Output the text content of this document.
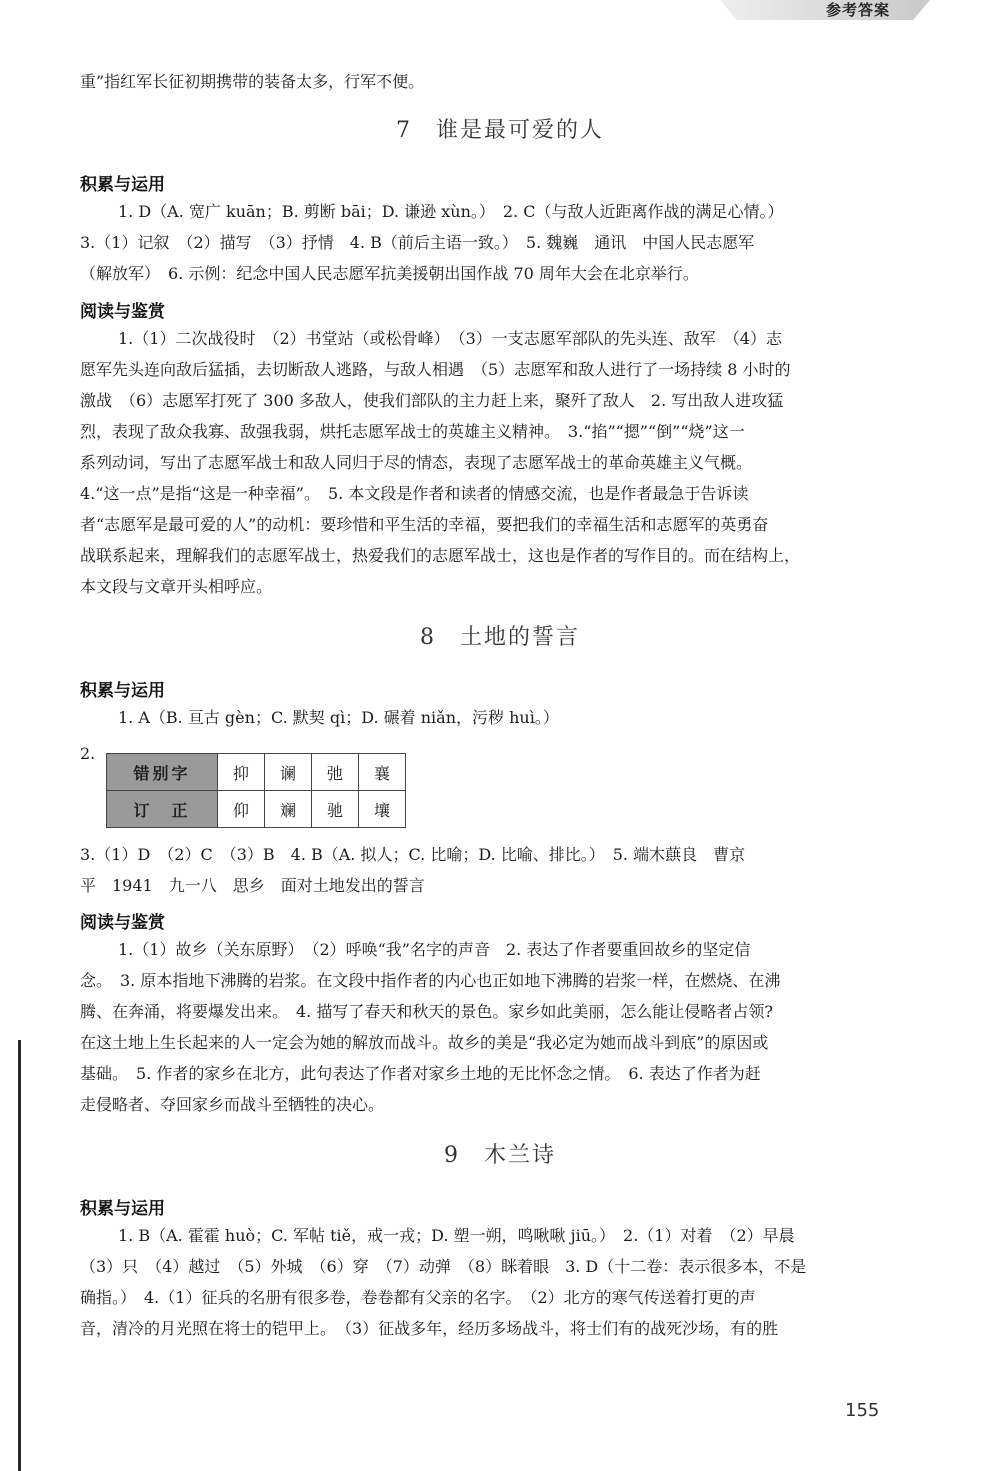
参考答案
2.
错别字	抑	谰	弛	襄
订　正	仰	斓	驰	壤
重”指红军长征初期携带的装备太多，行军不便。
1. D（A. 宽广 kuān；B. 剪断 bāi；D. 谦逊 xùn。）　2. C（与敌人近距离作战的满足心情。）
3.（1）记叙　（2）描写　（3）抒情　4. B（前后主语一致。）　5. 魏巍　通讯　中国人民志愿军
（解放军）　6. 示例：纪念中国人民志愿军抗美援朝出国作战 70 周年大会在北京举行。
1.（1）二次战役时　（2）书堂站（或松骨峰）　（3）一支志愿军部队的先头连、敌军　（4）志
愿军先头连向敌后猛插，去切断敌人逃路，与敌人相遇　（5）志愿军和敌人进行了一场持续 8 小时的
激战　（6）志愿军打死了 300 多敌人，使我们部队的主力赶上来，聚歼了敌人　2. 写出敌人进攻猛
烈，表现了敌众我寡、敌强我弱，烘托志愿军战士的英雄主义精神。　3.“掐”“摁”“倒”“烧”这一
系列动词，写出了志愿军战士和敌人同归于尽的情态，表现了志愿军战士的革命英雄主义气概。
4.“这一点”是指“这是一种幸福”。　5. 本文段是作者和读者的情感交流，也是作者最急于告诉读
者“志愿军是最可爱的人”的动机：要珍惜和平生活的幸福，要把我们的幸福生活和志愿军的英勇奋
战联系起来，理解我们的志愿军战士，热爱我们的志愿军战士，这也是作者的写作目的。而在结构上，
本文段与文章开头相呼应。
1. A（B. 亘古 gèn；C. 默契 qì；D. 碾着 niǎn，污秽 huì。）
3.（1）D　（2）C　（3）B　4. B（A. 拟人；C. 比喻；D. 比喻、排比。）　5. 端木蕻良　曹京
平　1941　九一八　思乡　面对土地发出的誓言
1.（1）故乡（关东原野）　（2）呼唤“我”名字的声音　2. 表达了作者要重回故乡的坚定信
念。　3. 原本指地下沸腾的岩浆。在文段中指作者的内心也正如地下沸腾的岩浆一样，在燃烧、在沸
腾、在奔涌，将要爆发出来。　4. 描写了春天和秋天的景色。家乡如此美丽，怎么能让侵略者占领?
在这土地上生长起来的人一定会为她的解放而战斗。故乡的美是“我必定为她而战斗到底”的原因或
基础。　5. 作者的家乡在北方，此句表达了作者对家乡土地的无比怀念之情。　6. 表达了作者为赶
走侵略者、夺回家乡而战斗至牺牲的决心。
1. B（A. 霍霍 huò；C. 军帖 tiě，戒一戎；D. 塑一朔，鸣啾啾 jiū。）　2.（1）对着　（2）早晨
（3）只　（4）越过　（5）外城　（6）穿　（7）动弹　（8）眯着眼　3. D（十二卷：表示很多本，不是
确指。）　4.（1）征兵的名册有很多卷，卷卷都有父亲的名字。　（2）北方的寒气传送着打更的声
音，清冷的月光照在将士的铠甲上。　（3）征战多年，经历多场战斗，将士们有的战死沙场，有的胜
7　谁是最可爱的人
8　土地的誓言
9　木兰诗
积累与运用
阅读与鉴赏
积累与运用
阅读与鉴赏
积累与运用
155
